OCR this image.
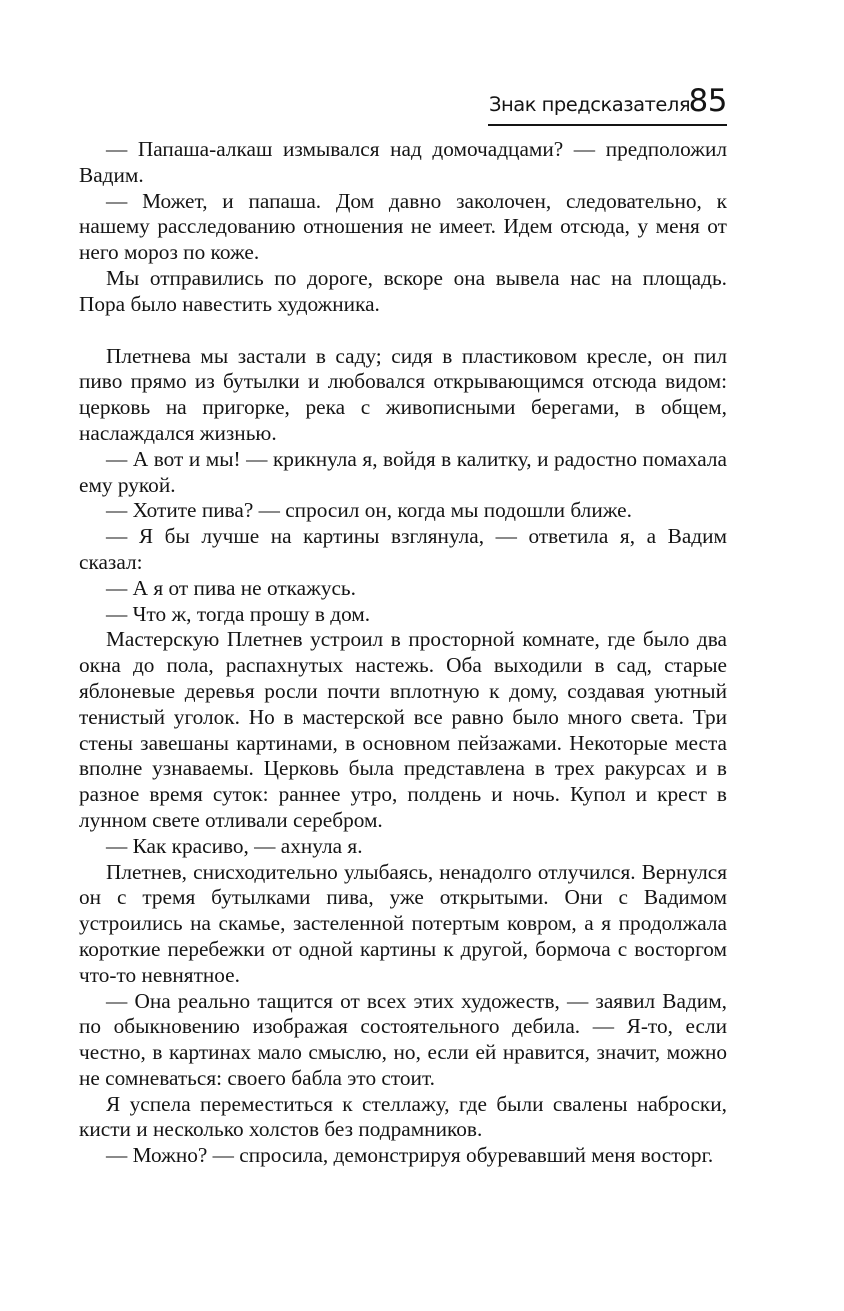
Знак предсказателя
85

— Папаша-алкаш измывался над домочадцами? — предположил Вадим.

— Может, и папаша. Дом давно заколочен, следовательно, к нашему расследованию отношения не имеет. Идем отсюда, у меня от него мороз по коже.

Мы отправились по дороге, вскоре она вывела нас на площадь. Пора было навестить художника.

Плетнева мы застали в саду; сидя в пластиковом кресле, он пил пиво прямо из бутылки и любовался открывающимся отсюда видом: церковь на пригорке, река с живописными берегами, в общем, наслаждался жизнью.

— А вот и мы! — крикнула я, войдя в калитку, и радостно помахала ему рукой.

— Хотите пива? — спросил он, когда мы подошли ближе.

— Я бы лучше на картины взглянула, — ответила я, а Вадим сказал:

— А я от пива не откажусь.

— Что ж, тогда прошу в дом.

Мастерскую Плетнев устроил в просторной комнате, где было два окна до пола, распахнутых настежь. Оба выходили в сад, старые яблоневые деревья росли почти вплотную к дому, создавая уютный тенистый уголок. Но в мастерской все равно было много света. Три стены завешаны картинами, в основном пейзажами. Некоторые места вполне узнаваемы. Церковь была представлена в трех ракурсах и в разное время суток: раннее утро, полдень и ночь. Купол и крест в лунном свете отливали серебром.

— Как красиво, — ахнула я.

Плетнев, снисходительно улыбаясь, ненадолго отлучился. Вернулся он с тремя бутылками пива, уже открытыми. Они с Вадимом устроились на скамье, застеленной потертым ковром, а я продолжала короткие перебежки от одной картины к другой, бормоча с восторгом что-то невнятное.

— Она реально тащится от всех этих художеств, — заявил Вадим, по обыкновению изображая состоятельного дебила. — Я-то, если честно, в картинах мало смыслю, но, если ей нравится, значит, можно не сомневаться: своего бабла это стоит.

Я успела переместиться к стеллажу, где были свалены наброски, кисти и несколько холстов без подрамников.

— Можно? — спросила, демонстрируя обуревавший меня восторг.
